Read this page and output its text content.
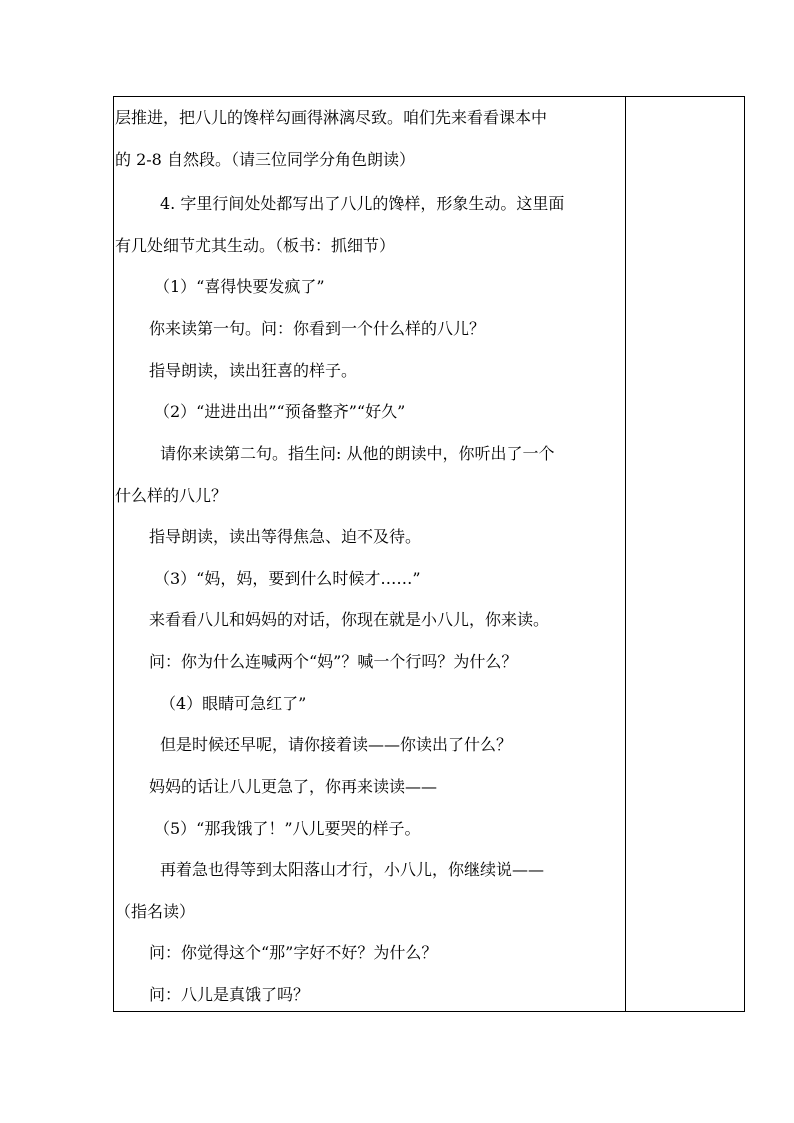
层推进，把八儿的馋样勾画得淋漓尽致。咱们先来看看课本中
的 2-8 自然段。（请三位同学分角色朗读）
4. 字里行间处处都写出了八儿的馋样，形象生动。这里面
有几处细节尤其生动。（板书：抓细节）
（1）“喜得快要发疯了”
你来读第一句。问：你看到一个什么样的八儿？
指导朗读，读出狂喜的样子。
（2）“进进出出”“预备整齐”“好久”
请你来读第二句。指生问: 从他的朗读中，你听出了一个
什么样的八儿？
指导朗读，读出等得焦急、迫不及待。
（3）“妈，妈，要到什么时候才……”
来看看八儿和妈妈的对话，你现在就是小八儿，你来读。
问：你为什么连喊两个“妈”？喊一个行吗？为什么？
（4）眼睛可急红了”
但是时候还早呢，请你接着读——你读出了什么？
妈妈的话让八儿更急了，你再来读读——
（5）“那我饿了！”八儿要哭的样子。
再着急也得等到太阳落山才行，小八儿，你继续说——
（指名读）
问：你觉得这个“那”字好不好？为什么？
问：八儿是真饿了吗？
